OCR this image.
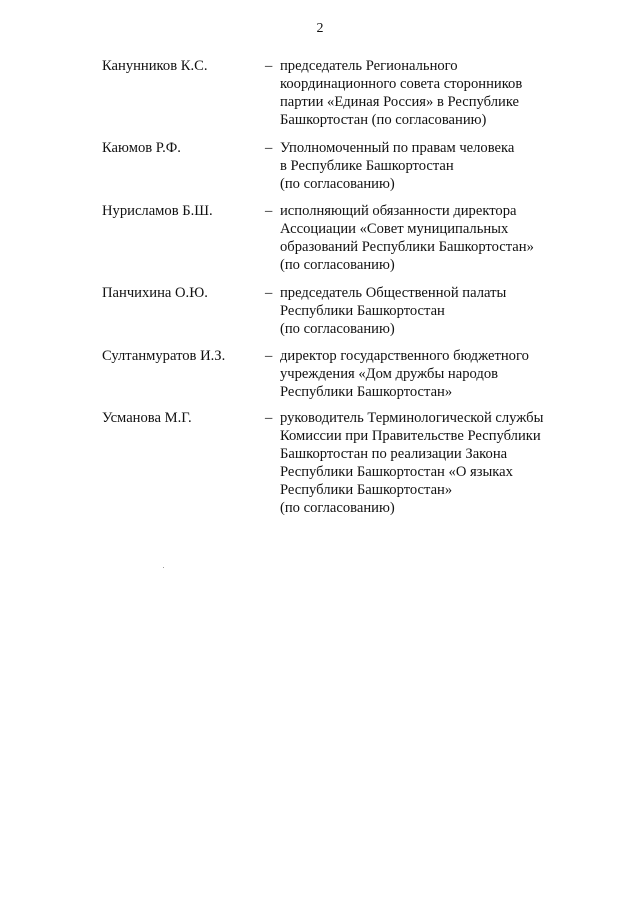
2
Канунников К.С.	– председатель Регионального
координационного совета сторонников
партии «Единая Россия» в Республике
Башкортостан (по согласованию)
Каюмов Р.Ф.	– Уполномоченный по правам человека
в Республике Башкортостан
(по согласованию)
Нурисламов Б.Ш.	– исполняющий обязанности директора
Ассоциации «Совет муниципальных
образований Республики Башкортостан»
(по согласованию)
Панчихина О.Ю.	– председатель Общественной палаты
Республики Башкортостан
(по согласованию)
Султанмуратов И.З.	– директор государственного бюджетного
учреждения «Дом дружбы народов
Республики Башкортостан»
Усманова М.Г.	– руководитель Терминологической службы
Комиссии при Правительстве Республики
Башкортостан по реализации Закона
Республики Башкортостан «О языках
Республики Башкортостан»
(по согласованию)
